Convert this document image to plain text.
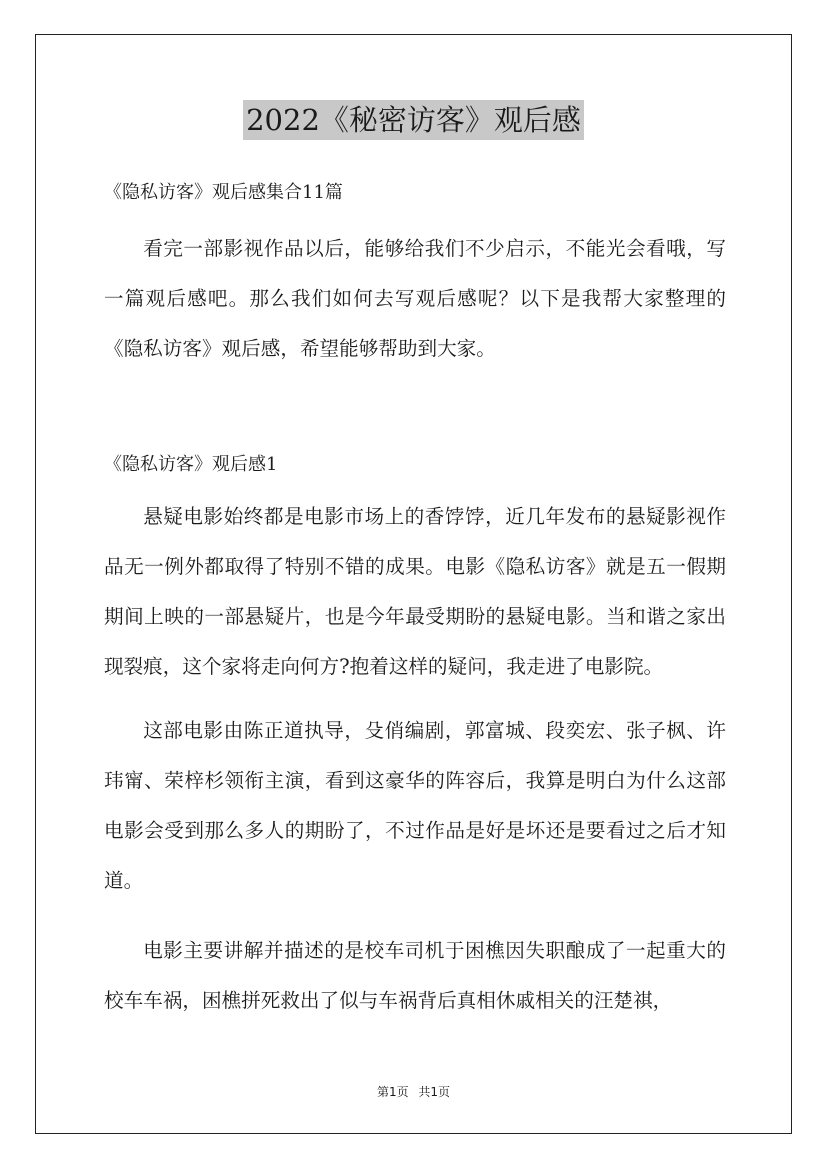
2022《秘密访客》观后感

《隐私访客》观后感集合11篇

看完一部影视作品以后，能够给我们不少启示，不能光会看哦，写一篇观后感吧。那么我们如何去写观后感呢？以下是我帮大家整理的《隐私访客》观后感，希望能够帮助到大家。

《隐私访客》观后感1

悬疑电影始终都是电影市场上的香饽饽，近几年发布的悬疑影视作品无一例外都取得了特别不错的成果。电影《隐私访客》就是五一假期期间上映的一部悬疑片，也是今年最受期盼的悬疑电影。当和谐之家出现裂痕，这个家将走向何方?抱着这样的疑问，我走进了电影院。

这部电影由陈正道执导，殳俏编剧，郭富城、段奕宏、张子枫、许玮甯、荣梓杉领衔主演，看到这豪华的阵容后，我算是明白为什么这部电影会受到那么多人的期盼了，不过作品是好是坏还是要看过之后才知道。

电影主要讲解并描述的是校车司机于困樵因失职酿成了一起重大的校车车祸，困樵拼死救出了似与车祸背后真相休戚相关的汪楚祺，

第1页 共1页
